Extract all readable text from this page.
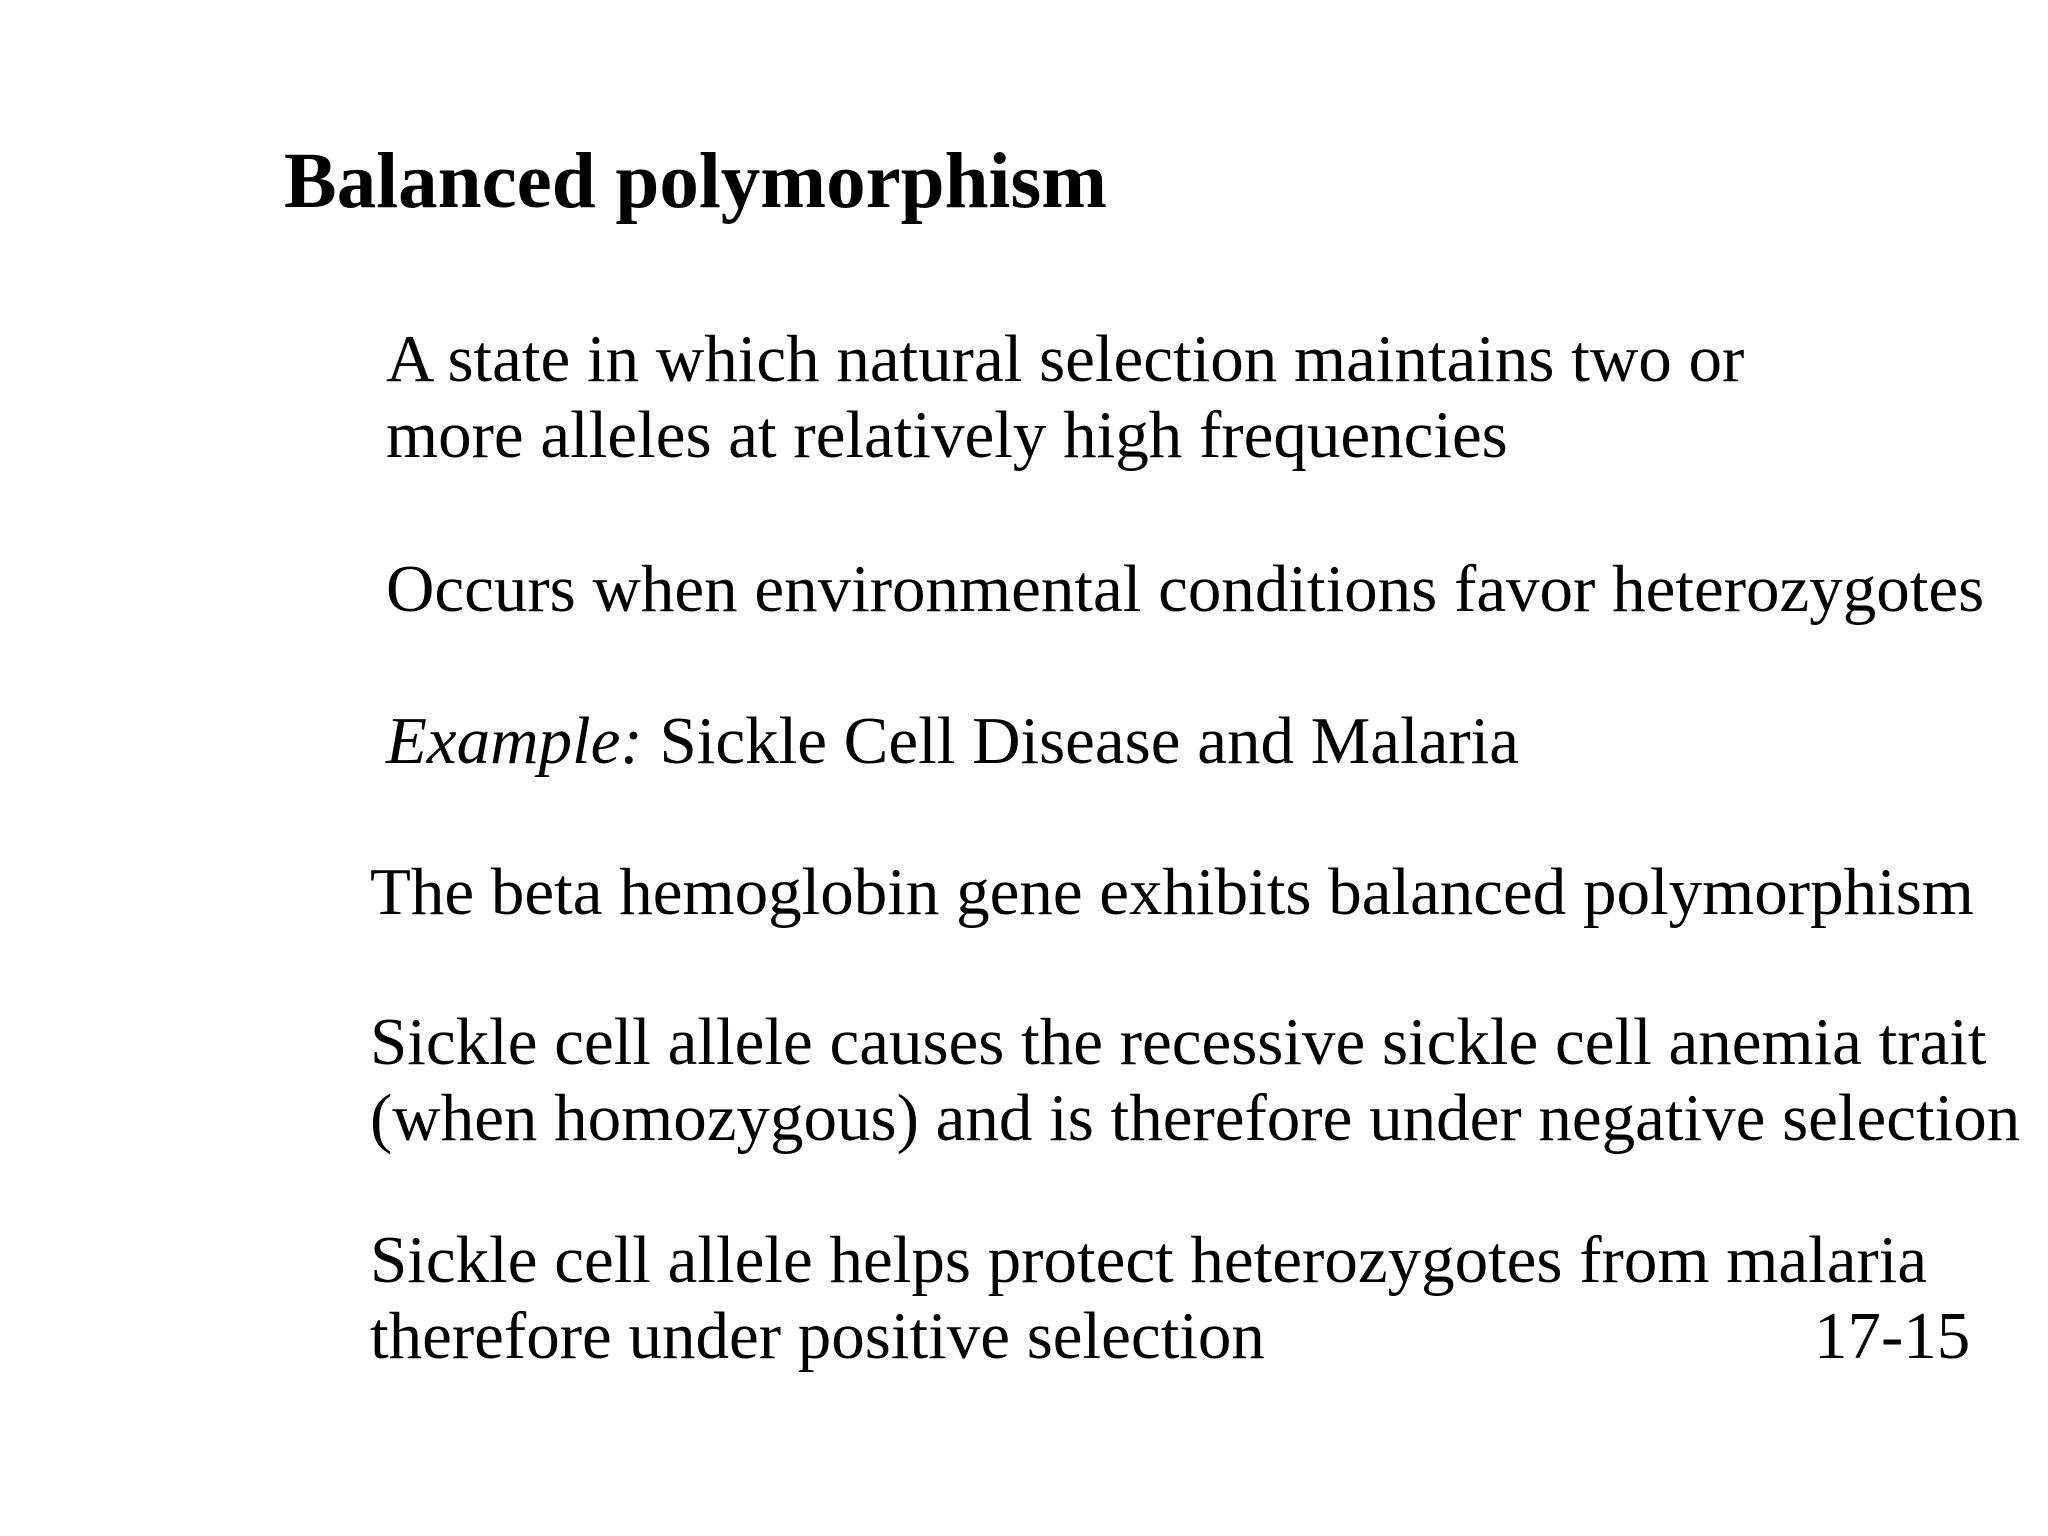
Balanced polymorphism
A state in which natural selection maintains two or
more alleles at relatively high frequencies
Occurs when environmental conditions favor heterozygotes
Example: Sickle Cell Disease and Malaria
The beta hemoglobin gene exhibits balanced polymorphism
Sickle cell allele causes the recessive sickle cell anemia trait
(when homozygous) and is therefore under negative selection
Sickle cell allele helps protect heterozygotes from malaria
therefore under positive selection	17-15
